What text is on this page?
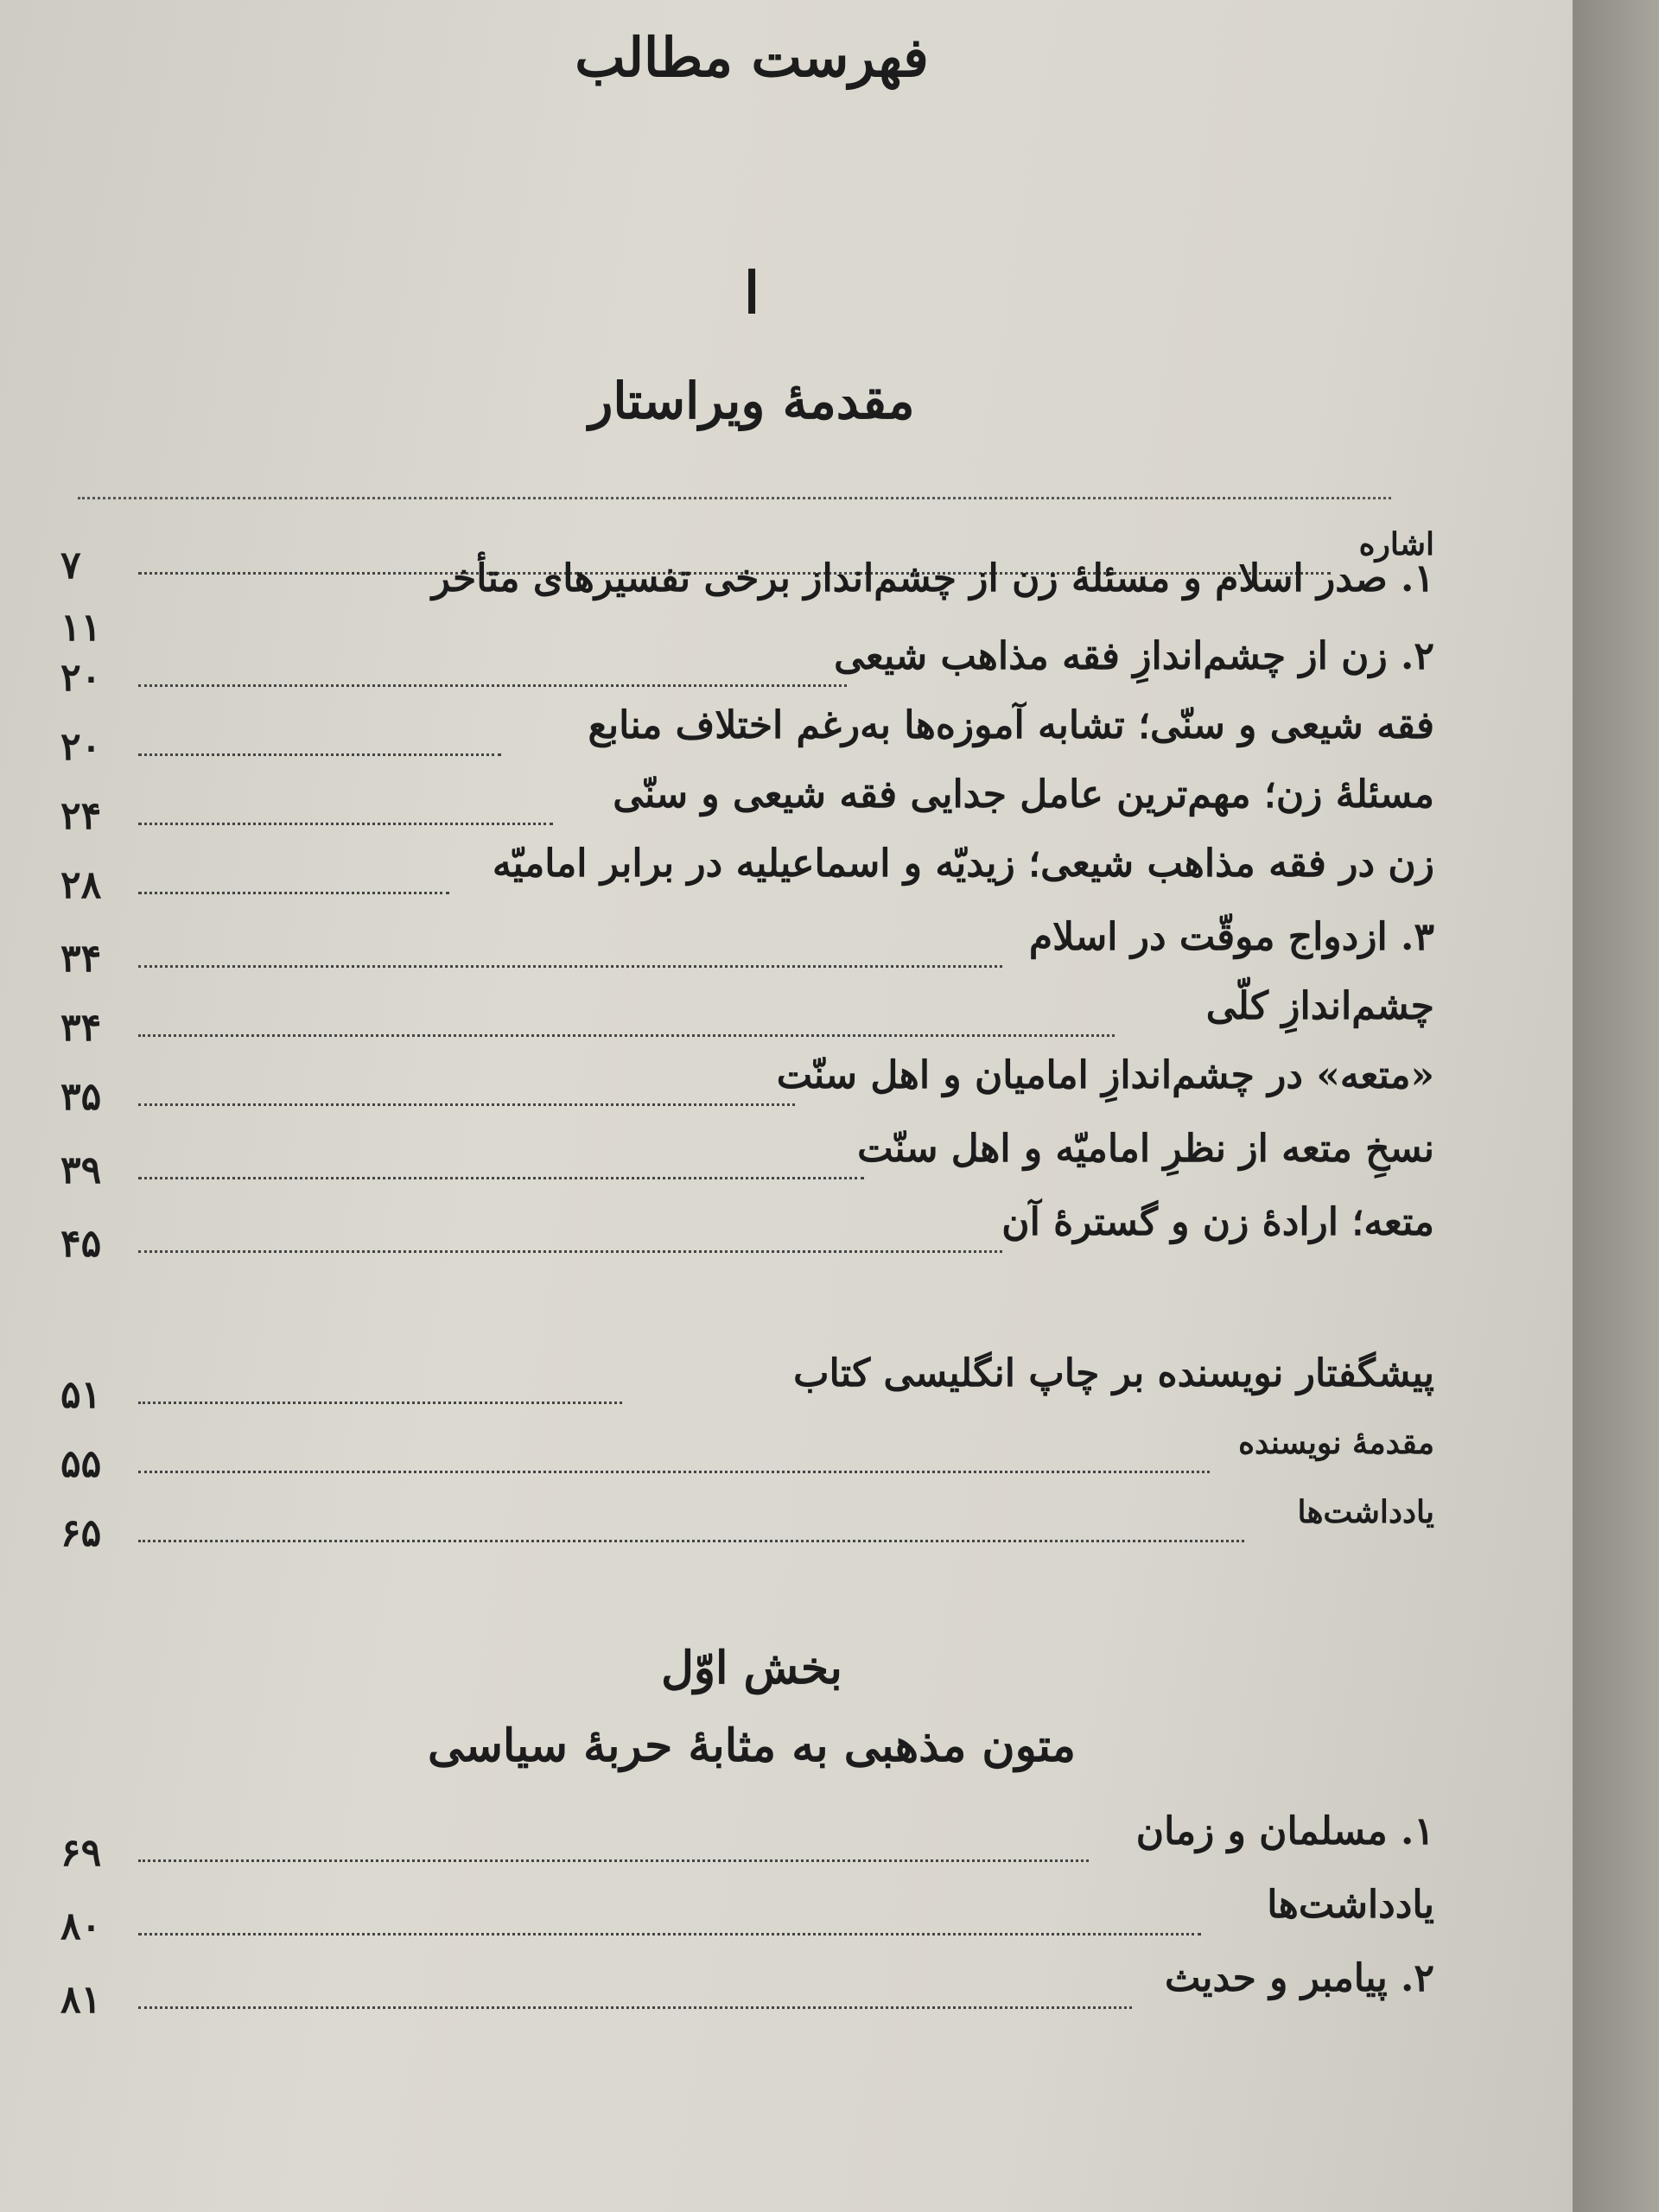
فهرست مطالب
ا
مقدمهٔ ویراستار
اشاره
۷	۱. صدر اسلام و مسئلهٔ زن از چشم‌انداز برخی تفسیرهای متأخر
۱۱
۲. زن از چشم‌اندازِ فقه مذاهب شیعی
۲۰
فقه شیعی و سنّی؛ تشابه آموزه‌ها به‌رغم اختلاف منابع
۲۰
مسئلهٔ زن؛ مهم‌ترین عامل جدایی فقه شیعی و سنّی
۲۴
زن در فقه مذاهب شیعی؛ زیدیّه و اسماعیلیه در برابر امامیّه
۲۸
۳. ازدواج موقّت در اسلام
۳۴
چشم‌اندازِ کلّی
۳۴
«متعه» در چشم‌اندازِ امامیان و اهل سنّت
۳۵
نسخِ متعه از نظرِ امامیّه و اهل سنّت
۳۹
متعه؛ ارادهٔ زن و گسترهٔ آن
۴۵
پیشگفتار نویسنده بر چاپ انگلیسی کتاب
۵۱
مقدمهٔ نویسنده
۵۵
یادداشت‌ها
۶۵
بخش اوّل
متون مذهبی به مثابهٔ حربهٔ سیاسی
۱. مسلمان و زمان
۶۹
یادداشت‌ها
۸۰
۲. پیامبر و حدیث
۸۱
